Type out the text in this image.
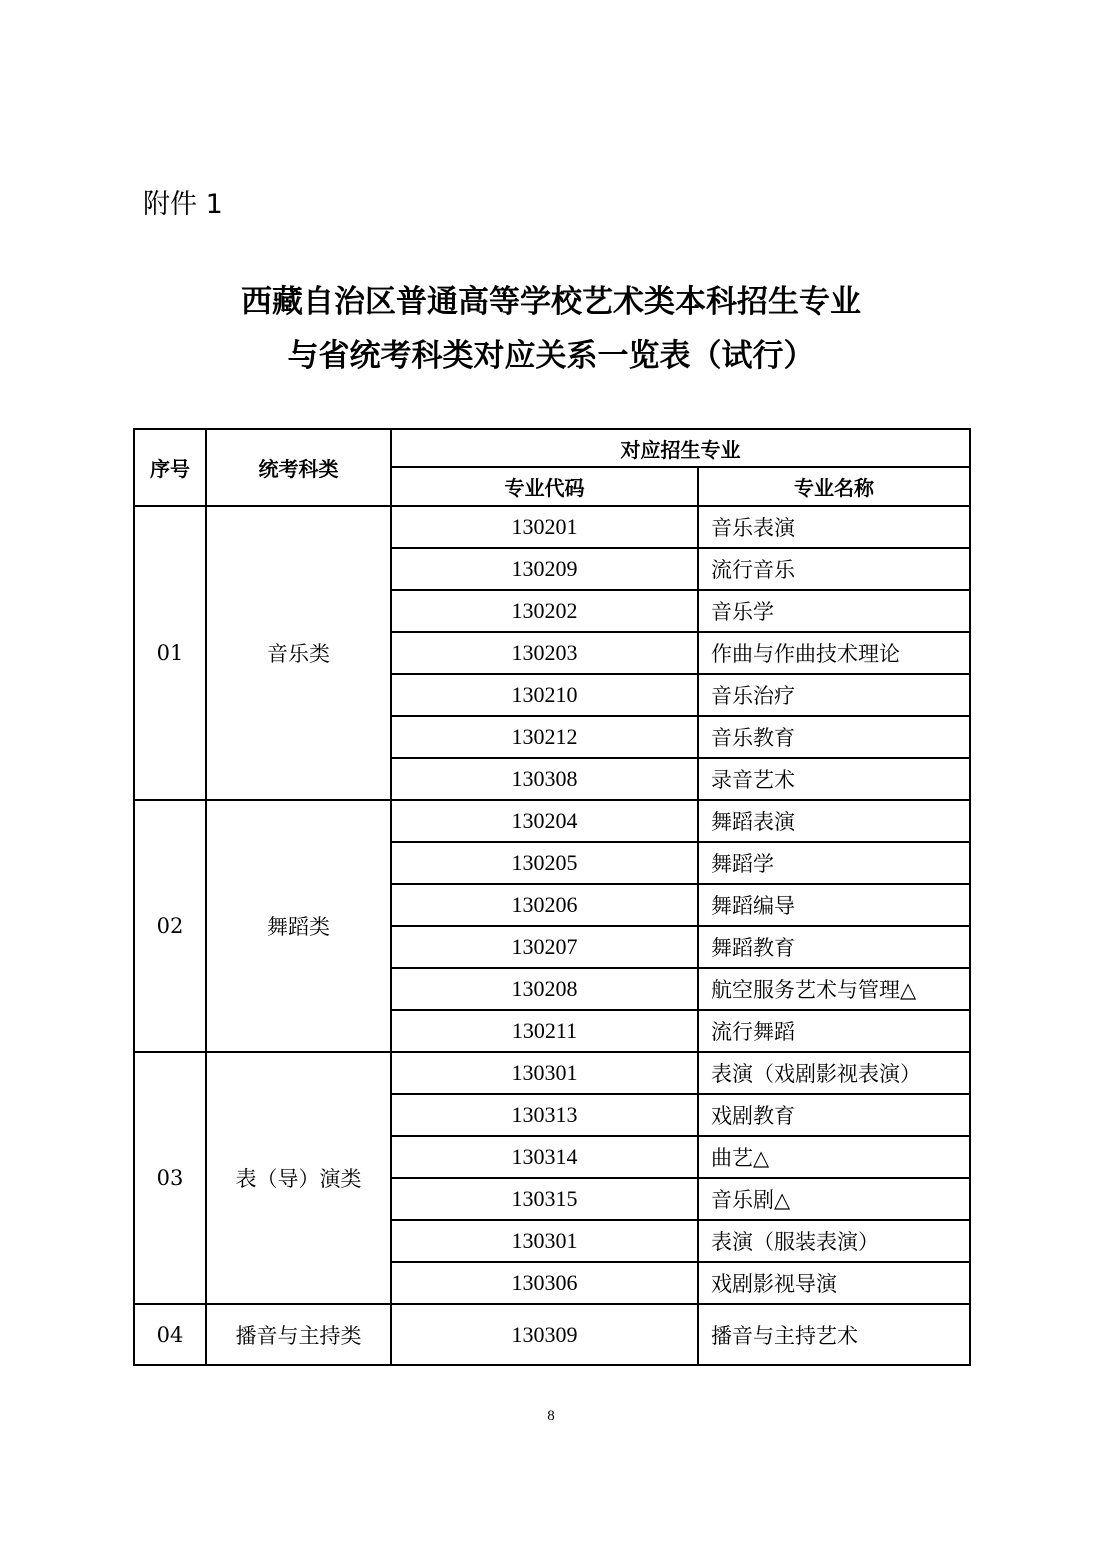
附件 1
西藏自治区普通高等学校艺术类本科招生专业
与省统考科类对应关系一览表（试行）
序号	统考科类	对应招生专业	
		专业代码	专业名称
01	音乐类	130201	音乐表演
		130209	流行音乐
		130202	音乐学
		130203	作曲与作曲技术理论
		130210	音乐治疗
		130212	音乐教育
		130308	录音艺术
02	舞蹈类	130204	舞蹈表演
		130205	舞蹈学
		130206	舞蹈编导
		130207	舞蹈教育
		130208	航空服务艺术与管理△
		130211	流行舞蹈
03	表（导）演类	130301	表演（戏剧影视表演）
		130313	戏剧教育
		130314	曲艺△
		130315	音乐剧△
		130301	表演（服装表演）
		130306	戏剧影视导演
04	播音与主持类	130309	播音与主持艺术
8
